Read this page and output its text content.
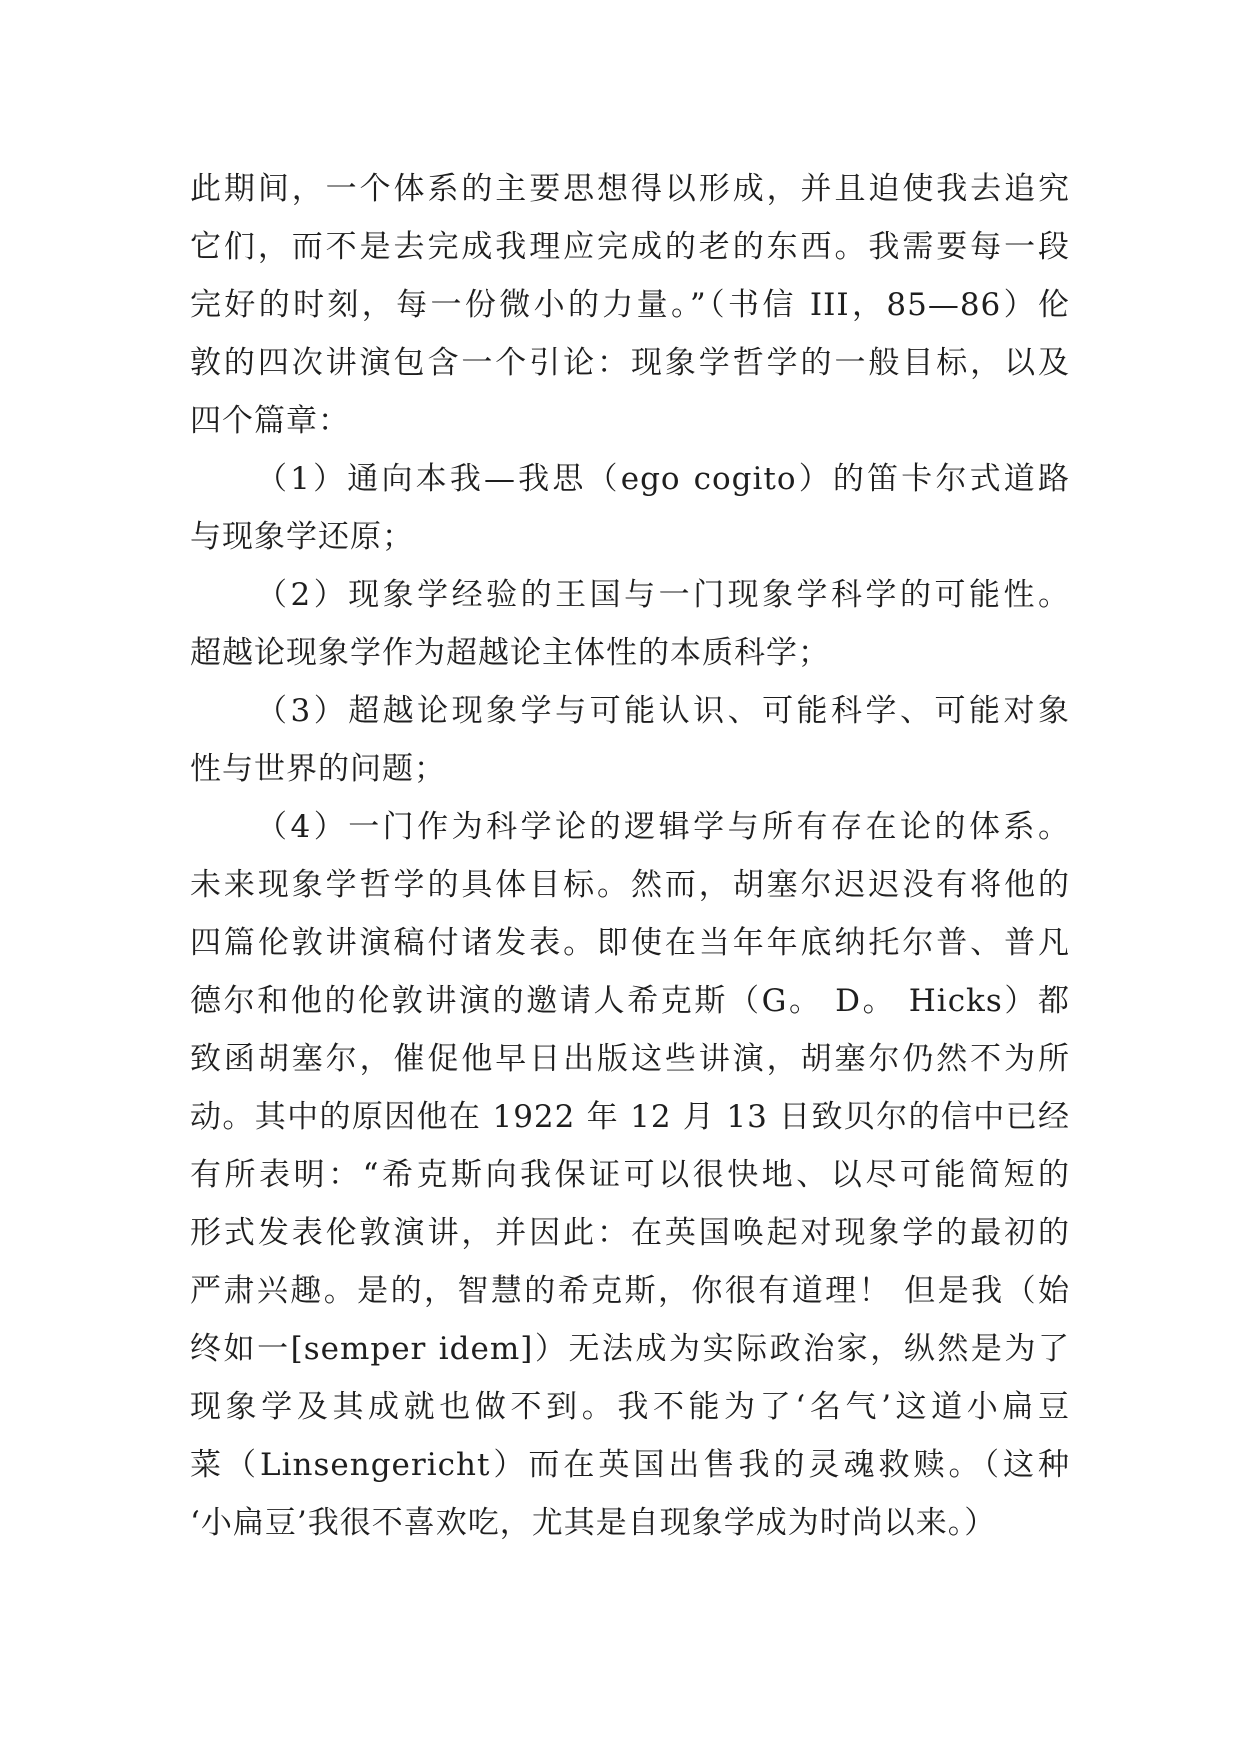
此期间，一个体系的主要思想得以形成，并且迫使我去追究
它们，而不是去完成我理应完成的老的东西。我需要每一段
完好的时刻，每一份微小的力量。”（书信 III，85—86）伦
敦的四次讲演包含一个引论：现象学哲学的一般目标，以及
四个篇章：
（1）通向本我—我思（ego cogito）的笛卡尔式道路
与现象学还原；
（2）现象学经验的王国与一门现象学科学的可能性。
超越论现象学作为超越论主体性的本质科学；
（3）超越论现象学与可能认识、可能科学、可能对象
性与世界的问题；
（4）一门作为科学论的逻辑学与所有存在论的体系。
未来现象学哲学的具体目标。然而，胡塞尔迟迟没有将他的
四篇伦敦讲演稿付诸发表。即使在当年年底纳托尔普、普凡
德尔和他的伦敦讲演的邀请人希克斯（G。 D。 Hicks）都
致函胡塞尔，催促他早日出版这些讲演，胡塞尔仍然不为所
动。其中的原因他在 1922 年 12 月 13 日致贝尔的信中已经
有所表明：“希克斯向我保证可以很快地、以尽可能简短的
形式发表伦敦演讲，并因此：在英国唤起对现象学的最初的
严肃兴趣。是的，智慧的希克斯，你很有道理！ 但是我（始
终如一[semper idem]）无法成为实际政治家，纵然是为了
现象学及其成就也做不到。我不能为了‘名气’这道小扁豆
菜（Linsengericht）而在英国出售我的灵魂救赎。（这种
‘小扁豆’我很不喜欢吃，尤其是自现象学成为时尚以来。）
